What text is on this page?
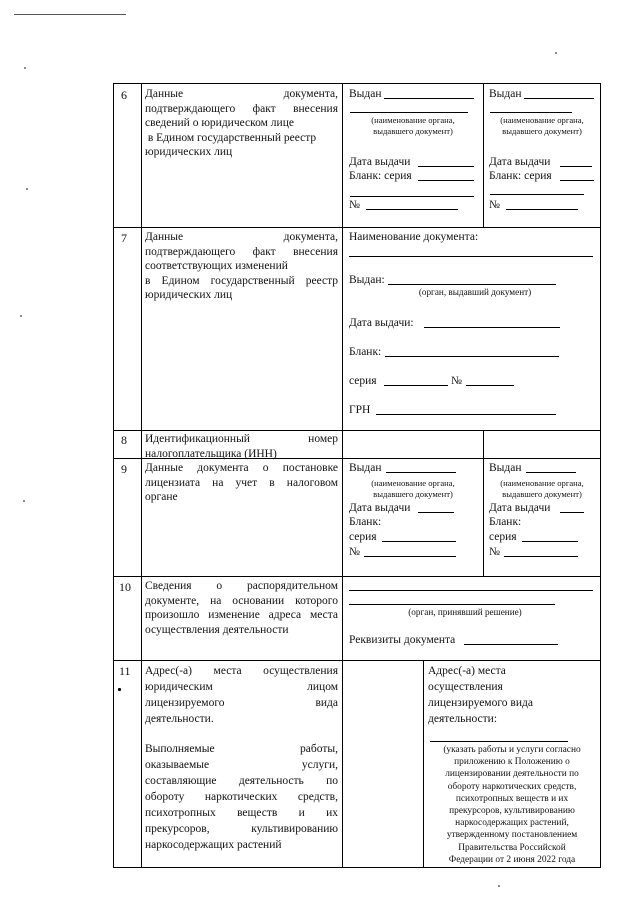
6 Данные документа,
подтверждающего факт внесения
сведений о юридическом лице
в Едином государственный реестр
юридических лиц
Выдан
(наименование органа,
выдавшего документ)
Дата выдачи
Бланк: серия
№
Выдан
(наименование органа,
выдавшего документ)
Дата выдачи
Бланк: серия
№
7 Данные документа,
подтверждающего факт внесения
соответствующих изменений
в Едином государственный реестр
юридических лиц
Наименование документа:
Выдан:
(орган, выдавший документ)
Дата выдачи:
Бланк:
серия	№
ГРН
8 Идентификационный номер
налогоплательщика (ИНН)
9 Данные документа о постановке
лицензиата на учет в налоговом
органе
Выдан
(наименование органа,
выдавшего документ)
Дата выдачи
Бланк:
серия
№
Выдан
(наименование органа,
выдавшего документ)
Дата выдачи
Бланк:
серия
№
10 Сведения о распорядительном
документе, на основании которого
произошло изменение адреса места
осуществления деятельности
(орган, принявший решение)
Реквизиты документа
11 Адрес(-а) места осуществления
юридическим лицом
лицензируемого вида
деятельности.
Выполняемые работы,
оказываемые услуги,
составляющие деятельность по
обороту наркотических средств,
психотропных веществ и их
прекурсоров, культивированию
наркосодержащих растений
Адрес(-а) места
осуществления
лицензируемого вида
деятельности:
(указать работы и услуги согласно
приложению к Положению о
лицензировании деятельности по
обороту наркотических средств,
психотропных веществ и их
прекурсоров, культивированию
наркосодержащих растений,
утвержденному постановлением
Правительства Российской
Федерации от 2 июня 2022 года
